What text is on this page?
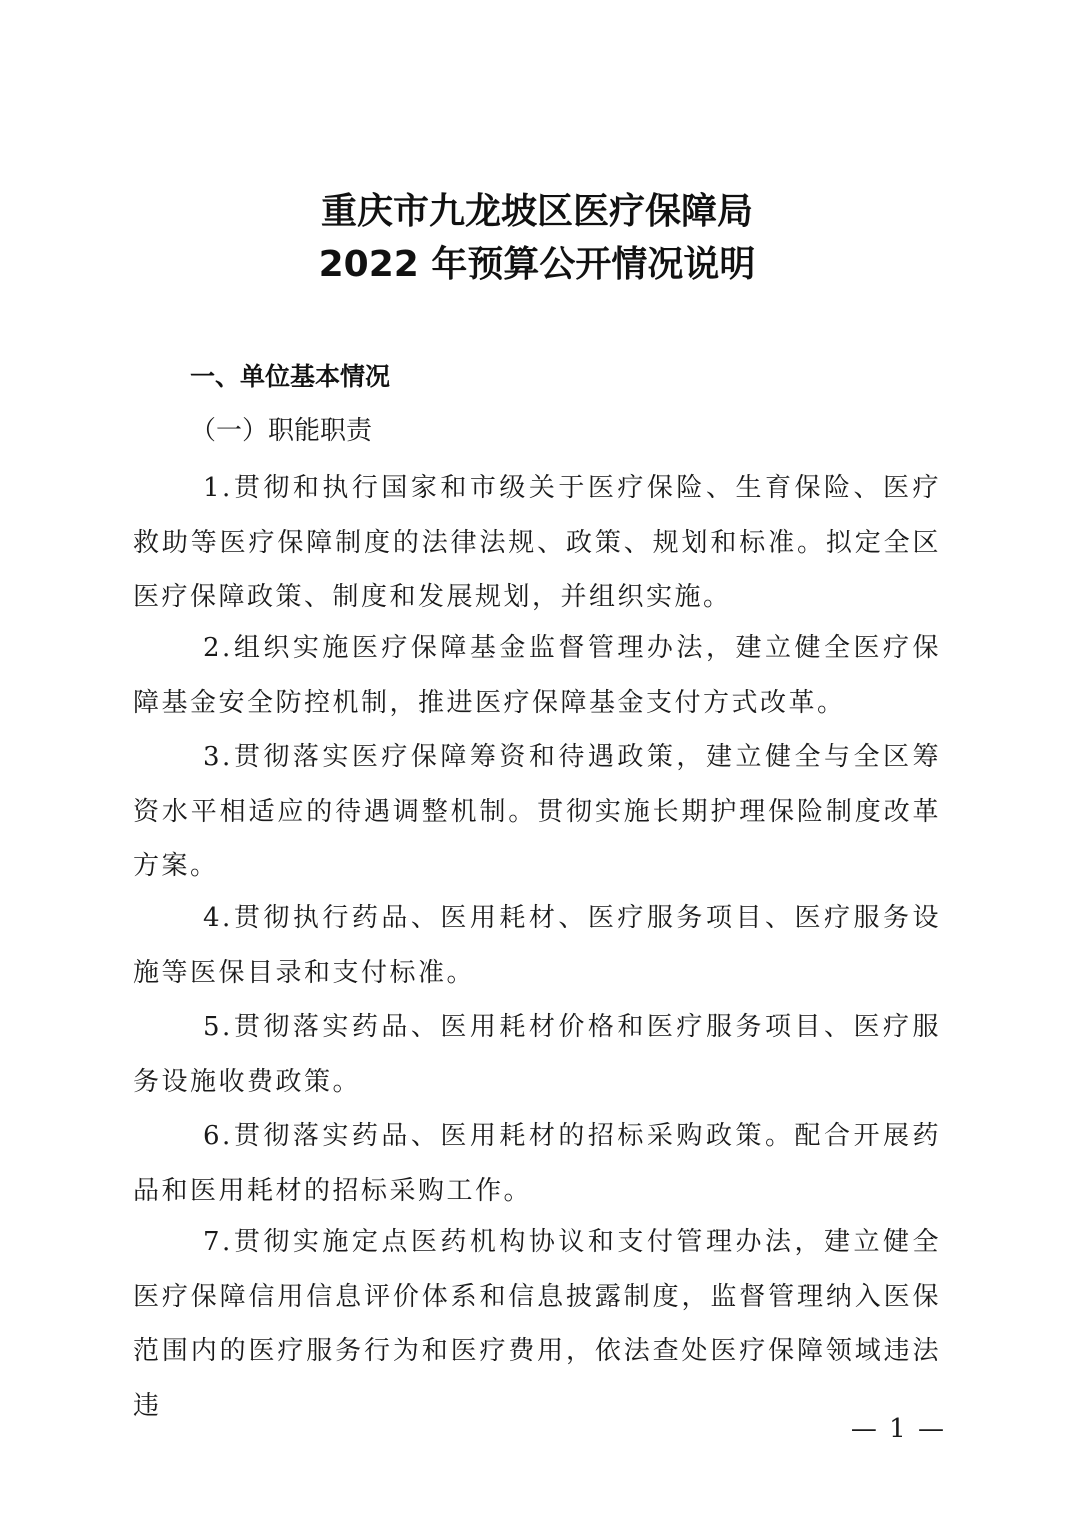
重庆市九龙坡区医疗保障局
2022 年预算公开情况说明
一、单位基本情况
（一）职能职责
1.贯彻和执行国家和市级关于医疗保险、生育保险、医疗救助等医疗保障制度的法律法规、政策、规划和标准。拟定全区医疗保障政策、制度和发展规划，并组织实施。
2.组织实施医疗保障基金监督管理办法，建立健全医疗保障基金安全防控机制，推进医疗保障基金支付方式改革。
3.贯彻落实医疗保障筹资和待遇政策，建立健全与全区筹资水平相适应的待遇调整机制。贯彻实施长期护理保险制度改革方案。
4.贯彻执行药品、医用耗材、医疗服务项目、医疗服务设施等医保目录和支付标准。
5.贯彻落实药品、医用耗材价格和医疗服务项目、医疗服务设施收费政策。
6.贯彻落实药品、医用耗材的招标采购政策。配合开展药品和医用耗材的招标采购工作。
7.贯彻实施定点医药机构协议和支付管理办法，建立健全医疗保障信用信息评价体系和信息披露制度，监督管理纳入医保范围内的医疗服务行为和医疗费用，依法查处医疗保障领域违法违
— 1 —
